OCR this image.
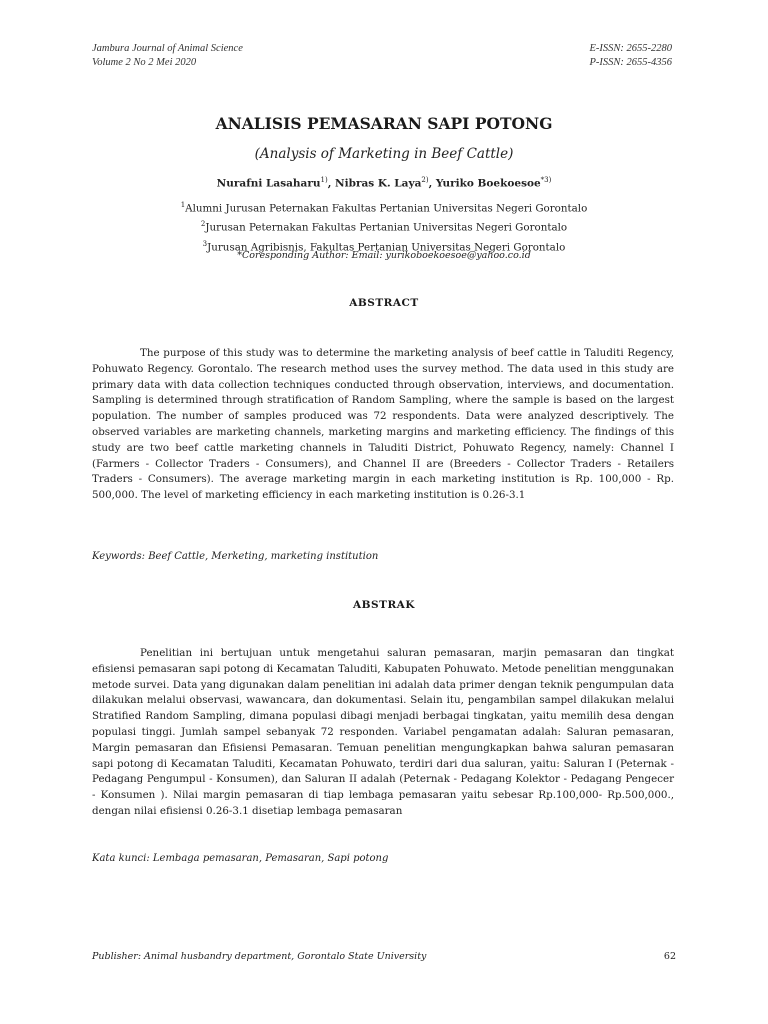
Jambura Journal of Animal Science
Volume 2 No 2 Mei 2020
E-ISSN: 2655-2280
P-ISSN: 2655-4356
ANALISIS PEMASARAN SAPI POTONG
(Analysis of Marketing in Beef Cattle)
Nurafni Lasaharu$^{1)}$, Nibras K. Laya$^{2)}$, Yuriko Boekoesoe$^{*3)}$
$^1$Alumni Jurusan Peternakan Fakultas Pertanian Universitas Negeri Gorontalo
$^2$Jurusan Peternakan Fakultas Pertanian Universitas Negeri Gorontalo
$^3$Jurusan Agribisnis, Fakultas Pertanian Universitas Negeri Gorontalo
*Coresponding Author: Email: yurikoboekoesoe@yahoo.co.id
ABSTRACT
The purpose of this study was to determine the marketing analysis of beef cattle in Taluditi Regency, Pohuwato Regency. Gorontalo. The research method uses the survey method. The data used in this study are primary data with data collection techniques conducted through observation, interviews, and documentation. Sampling is determined through stratification of Random Sampling, where the sample is based on the largest population. The number of samples produced was 72 respondents. Data were analyzed descriptively. The observed variables are marketing channels, marketing margins and marketing efficiency. The findings of this study are two beef cattle marketing channels in Taluditi District, Pohuwato Regency, namely: Channel I (Farmers - Collector Traders - Consumers), and Channel II are (Breeders - Collector Traders - Retailers Traders - Consumers). The average marketing margin in each marketing institution is Rp. 100,000 - Rp. 500,000. The level of marketing efficiency in each marketing institution is 0.26-3.1
Keywords: Beef Cattle, Merketing, marketing institution
ABSTRAK
Penelitian ini bertujuan untuk mengetahui saluran pemasaran, marjin pemasaran dan tingkat efisiensi pemasaran sapi potong di Kecamatan Taluditi, Kabupaten Pohuwato. Metode penelitian menggunakan metode survei. Data yang digunakan dalam penelitian ini adalah data primer dengan teknik pengumpulan data dilakukan melalui observasi, wawancara, dan dokumentasi. Selain itu, pengambilan sampel dilakukan melalui Stratified Random Sampling, dimana populasi dibagi menjadi berbagai tingkatan, yaitu memilih desa dengan populasi tinggi. Jumlah sampel sebanyak 72 responden. Variabel pengamatan adalah: Saluran pemasaran, Margin pemasaran dan Efisiensi Pemasaran. Temuan penelitian mengungkapkan bahwa saluran pemasaran sapi potong di Kecamatan Taluditi, Kecamatan Pohuwato, terdiri dari dua saluran, yaitu: Saluran I (Peternak - Pedagang Pengumpul - Konsumen), dan Saluran II adalah (Peternak - Pedagang Kolektor - Pedagang Pengecer - Konsumen ). Nilai margin pemasaran di tiap lembaga pemasaran yaitu sebesar Rp.100,000- Rp.500,000., dengan nilai efisiensi 0.26-3.1 disetiap lembaga pemasaran
Kata kunci: Lembaga pemasaran, Pemasaran, Sapi potong
Publisher: Animal husbandry department, Gorontalo State University	62
